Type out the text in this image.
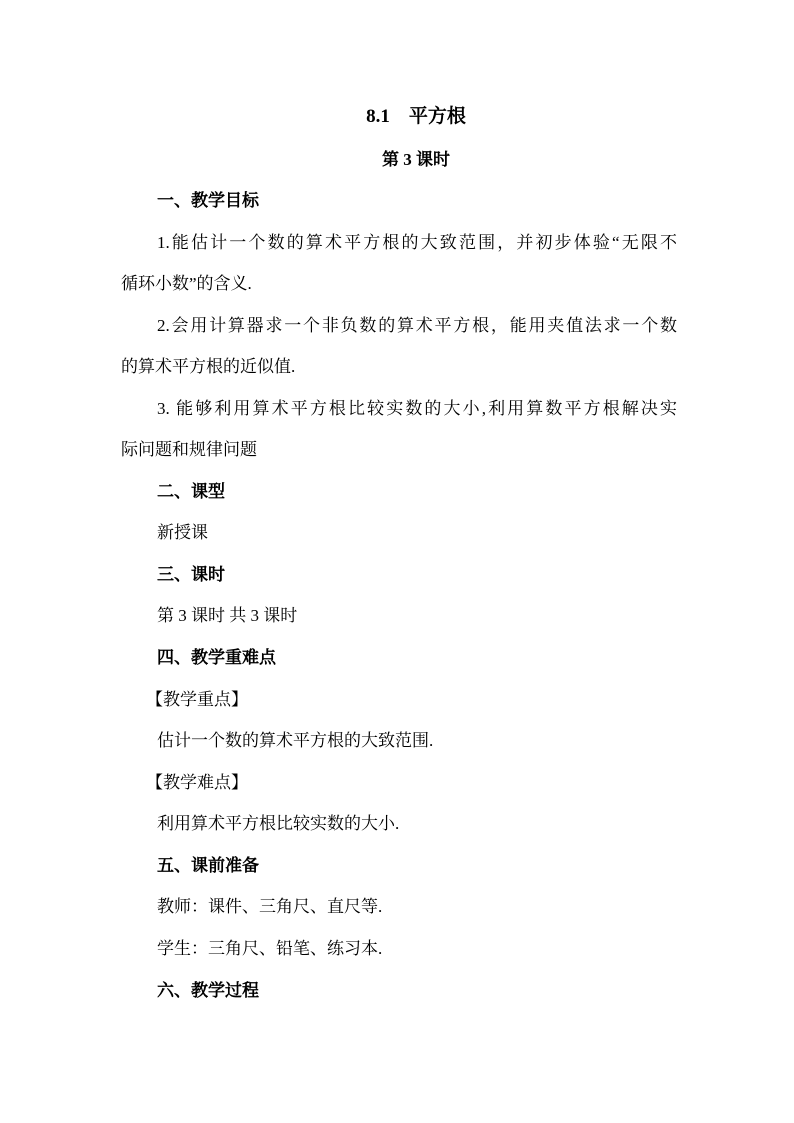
8.1　平方根
第 3 课时
一、教学目标
1.能估计一个数的算术平方根的大致范围，并初步体验“无限不
循环小数”的含义.
2.会用计算器求一个非负数的算术平方根，能用夹值法求一个数
的算术平方根的近似值.
3. 能够利用算术平方根比较实数的大小,利用算数平方根解决实
际问题和规律问题
二、课型
新授课
三、课时
第 3 课时 共 3 课时
四、教学重难点
【教学重点】
估计一个数的算术平方根的大致范围.
【教学难点】
利用算术平方根比较实数的大小.
五、课前准备
教师：课件、三角尺、直尺等.
学生：三角尺、铅笔、练习本.
六、教学过程
